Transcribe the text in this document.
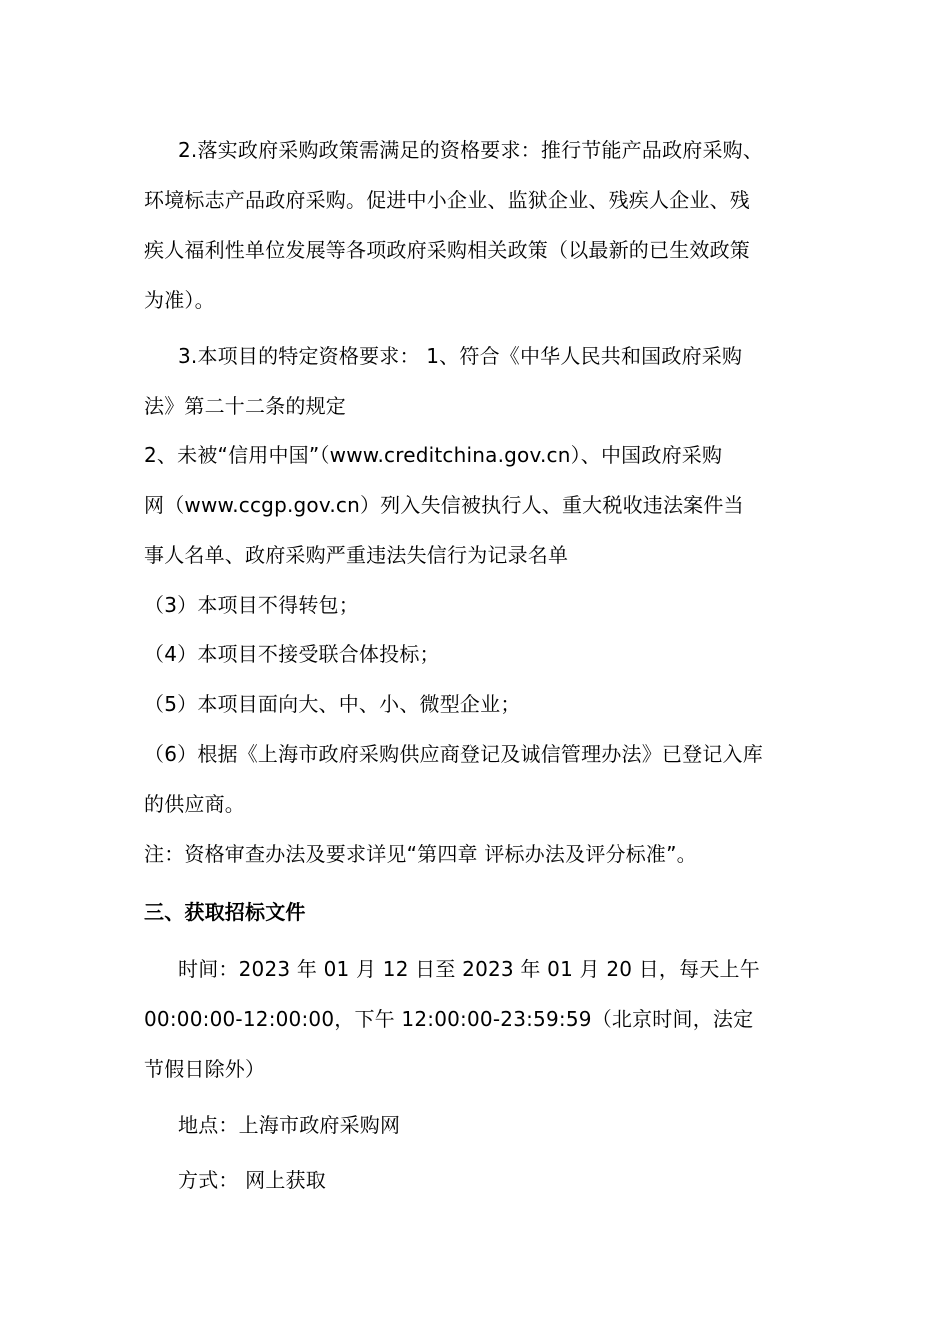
2.落实政府采购政策需满足的资格要求：推行节能产品政府采购、
环境标志产品政府采购。促进中小企业、监狱企业、残疾人企业、残
疾人福利性单位发展等各项政府采购相关政策（以最新的已生效政策
为准）。
3.本项目的特定资格要求： 1、符合《中华人民共和国政府采购
法》第二十二条的规定
2、未被“信用中国”（www.creditchina.gov.cn）、中国政府采购
网（www.ccgp.gov.cn）列入失信被执行人、重大税收违法案件当
事人名单、政府采购严重违法失信行为记录名单
（3）本项目不得转包；
（4）本项目不接受联合体投标；
（5）本项目面向大、中、小、微型企业；
（6）根据《上海市政府采购供应商登记及诚信管理办法》已登记入库
的供应商。
注：资格审查办法及要求详见“第四章 评标办法及评分标准”。
三、获取招标文件
时间：2023 年 01 月 12 日至 2023 年 01 月 20 日，每天上午
00:00:00-12:00:00，下午 12:00:00-23:59:59（北京时间，法定
节假日除外）
地点：上海市政府采购网
方式： 网上获取
